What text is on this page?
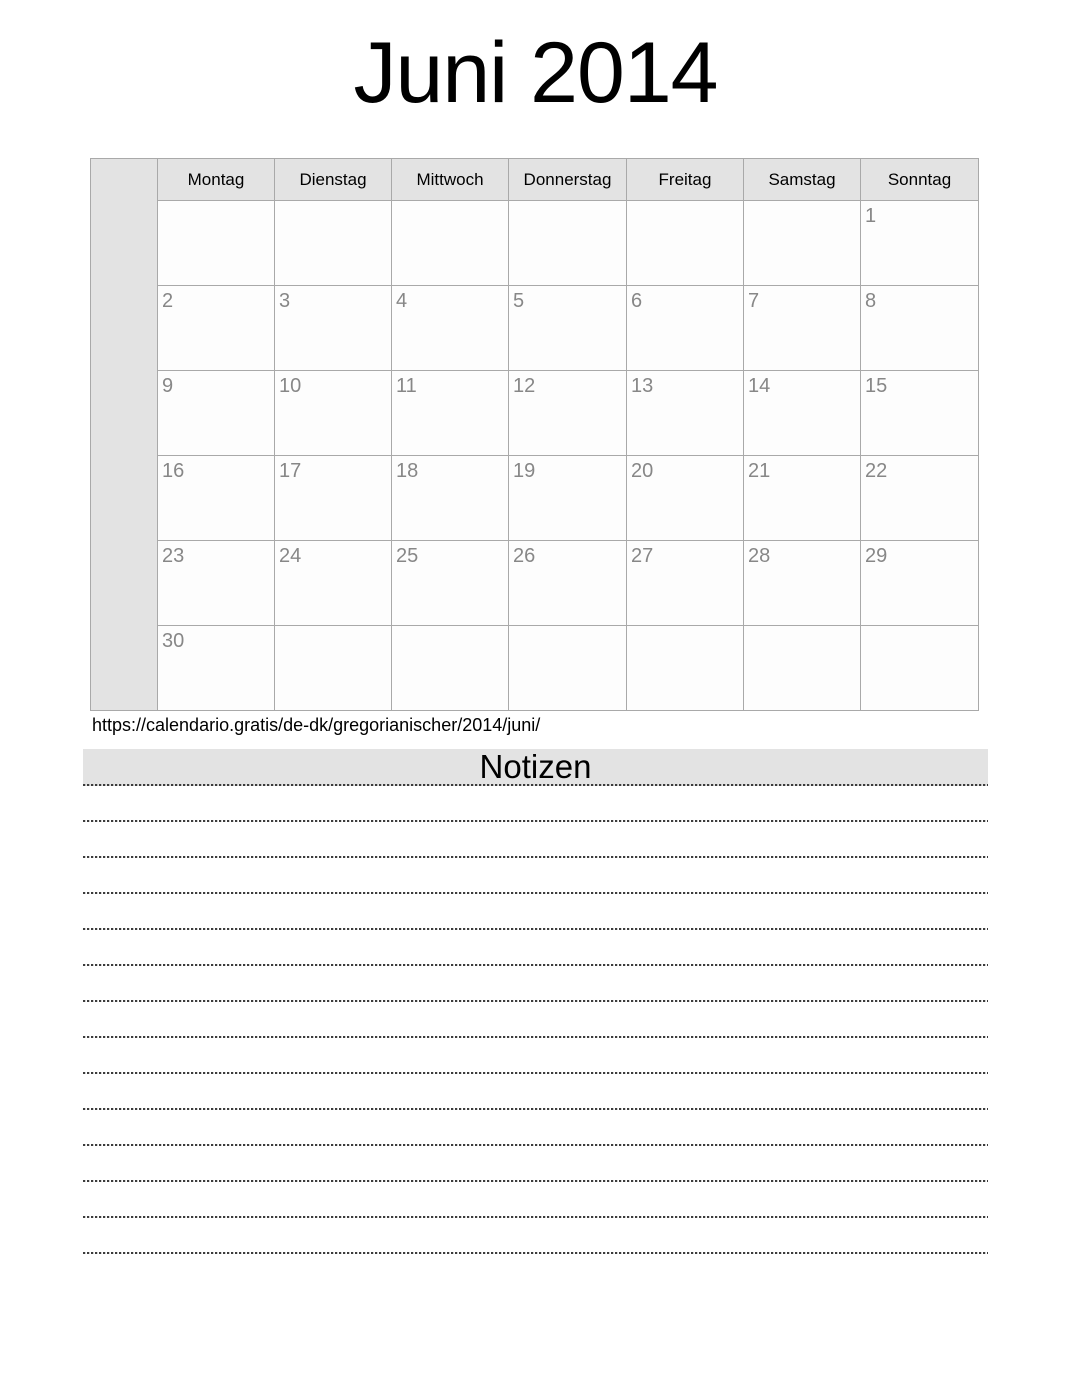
Juni 2014
	Montag	Dienstag	Mittwoch	Donnerstag	Freitag	Samstag	Sonntag
							1
	2	3	4	5	6	7	8
	9	10	11	12	13	14	15
	16	17	18	19	20	21	22
	23	24	25	26	27	28	29
	30						
https://calendario.gratis/de-dk/gregorianischer/2014/juni/
Notizen
